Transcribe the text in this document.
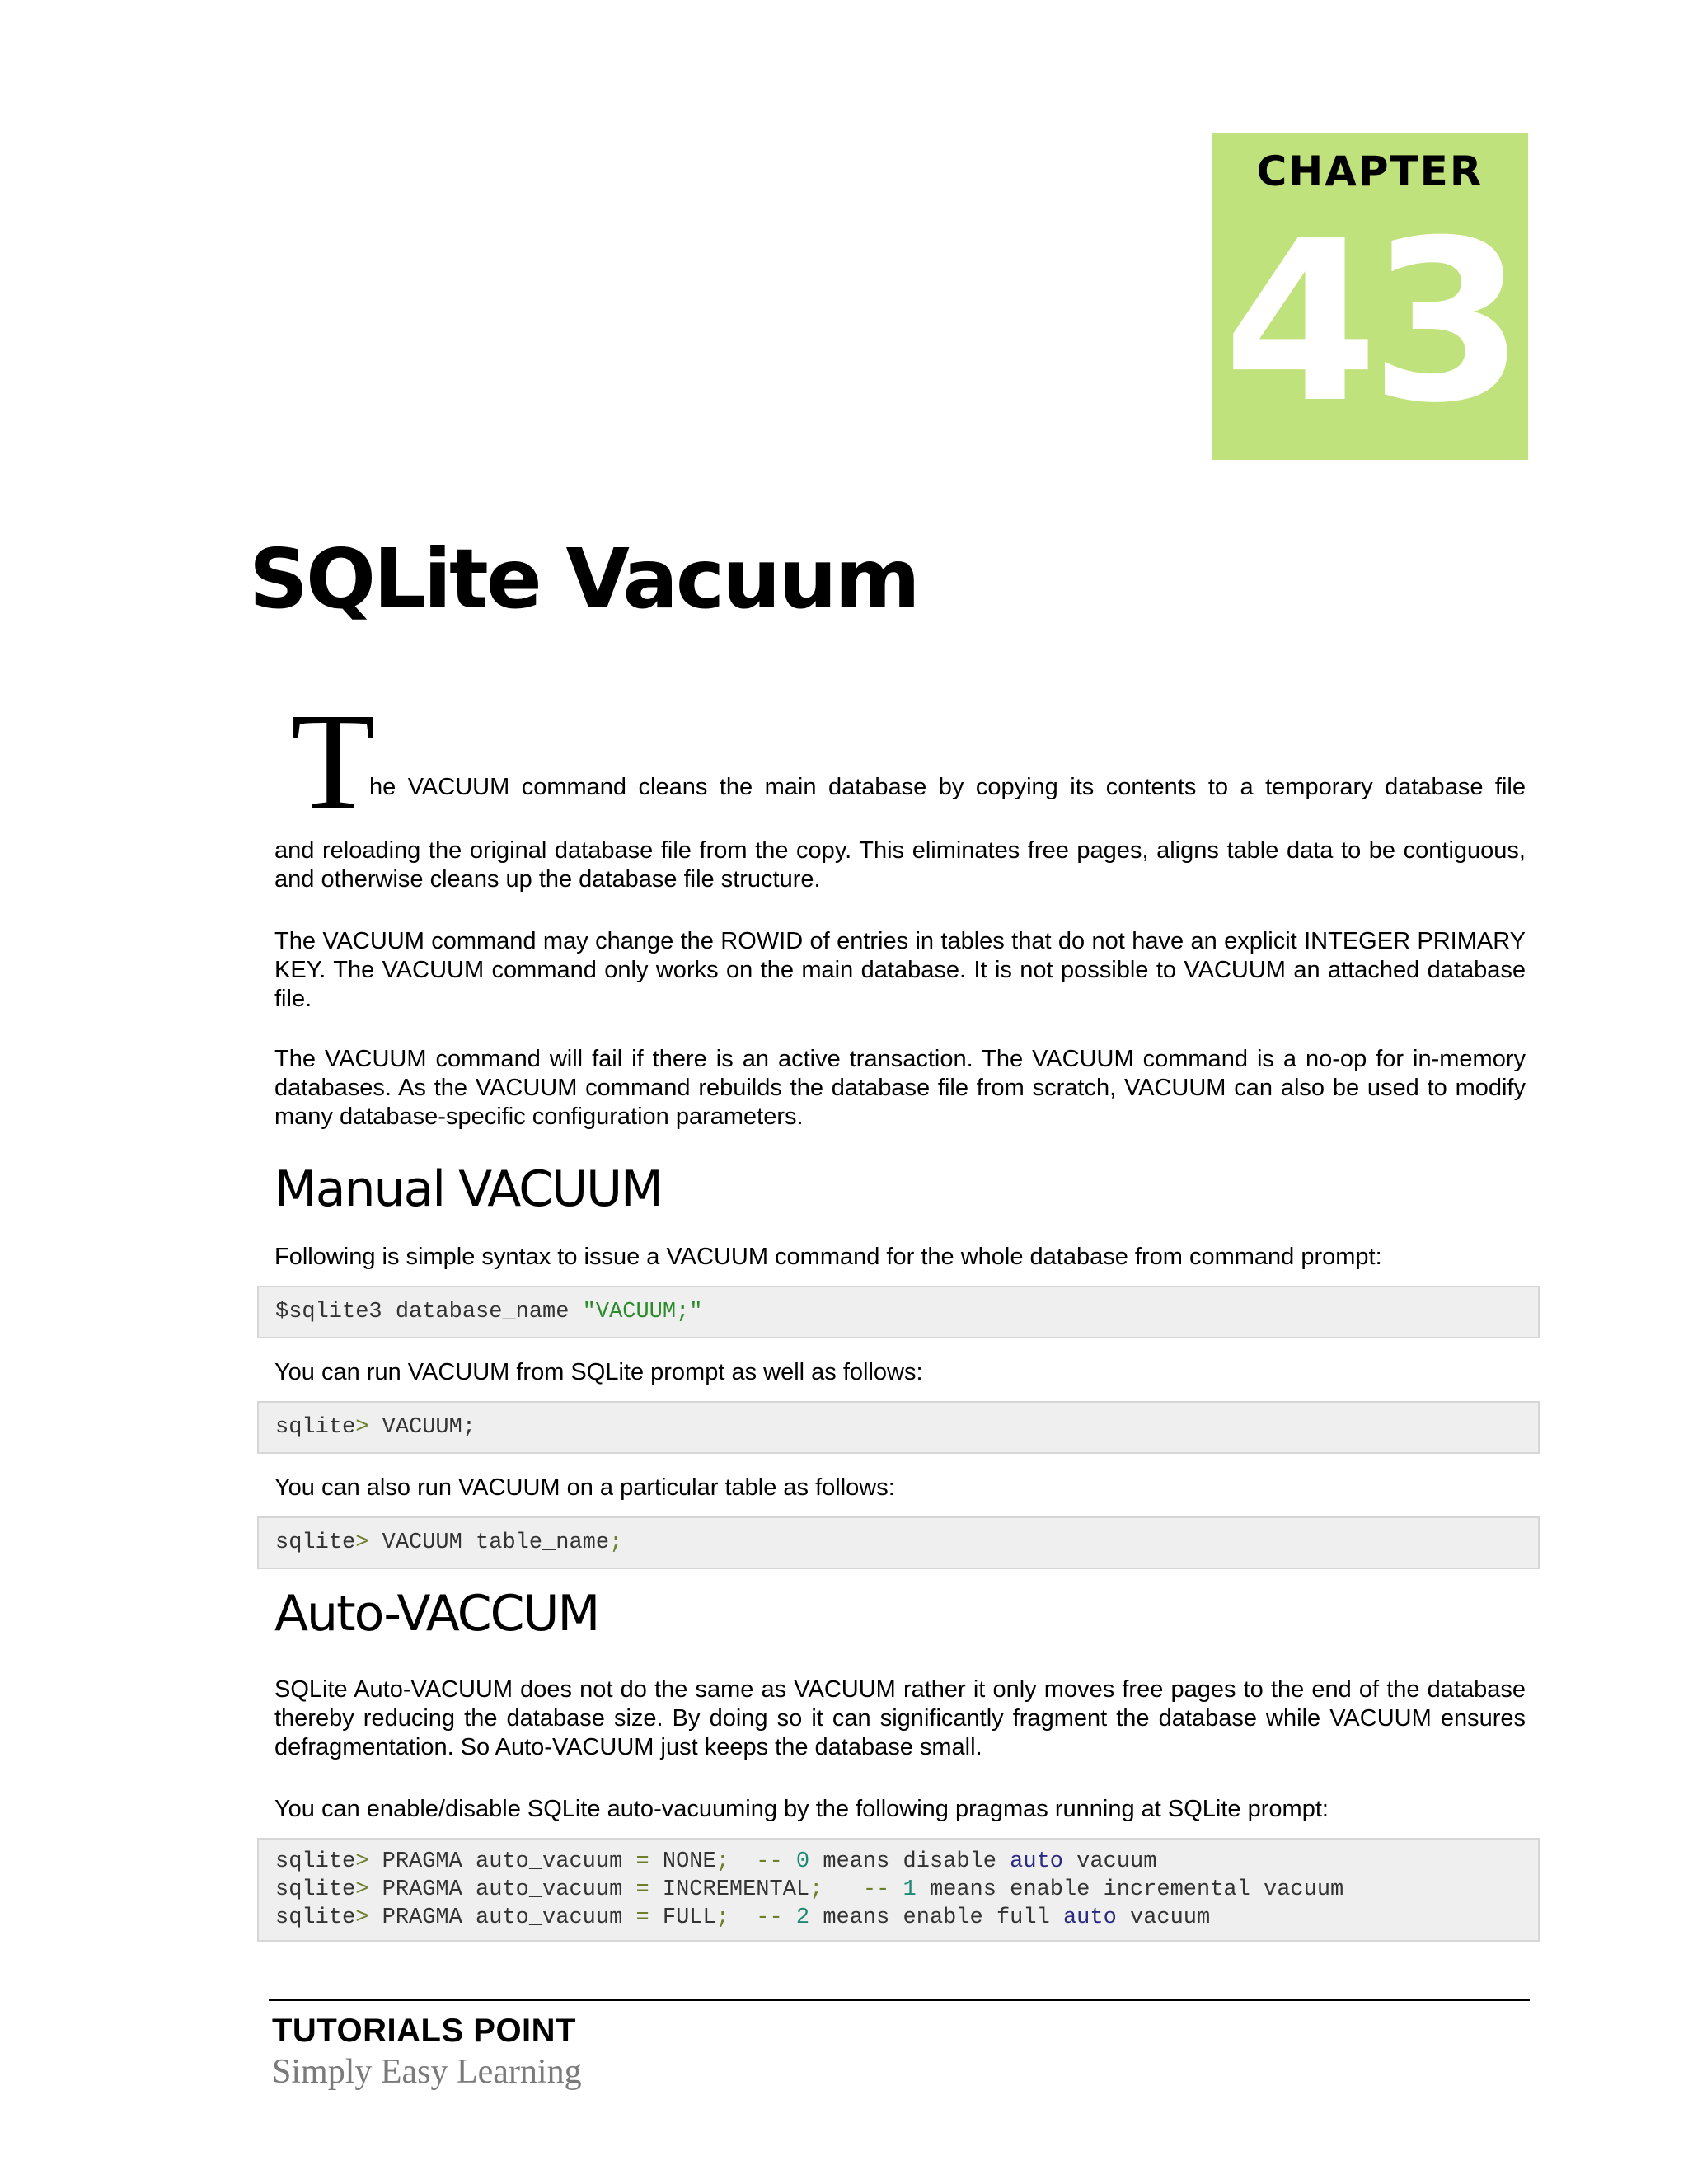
CHAPTER
43
SQLite Vacuum
T
he VACUUM command cleans the main database by copying its contents to a temporary database file

and reloading the original database file from the copy. This eliminates free pages, aligns table data to be contiguous, and otherwise cleans up the database file structure.

The VACUUM command may change the ROWID of entries in tables that do not have an explicit INTEGER PRIMARY KEY. The VACUUM command only works on the main database. It is not possible to VACUUM an attached database file.

The VACUUM command will fail if there is an active transaction. The VACUUM command is a no-op for in-memory databases. As the VACUUM command rebuilds the database file from scratch, VACUUM can also be used to modify many database-specific configuration parameters.

Manual VACUUM

Following is simple syntax to issue a VACUUM command for the whole database from command prompt:

$sqlite3 database_name "VACUUM;"

You can run VACUUM from SQLite prompt as well as follows:

sqlite> VACUUM;

You can also run VACUUM on a particular table as follows:

sqlite> VACUUM table_name;
Auto-VACCUM

SQLite Auto-VACUUM does not do the same as VACUUM rather it only moves free pages to the end of the database thereby reducing the database size. By doing so it can significantly fragment the database while VACUUM ensures defragmentation. So Auto-VACUUM just keeps the database small.

You can enable/disable SQLite auto-vacuuming by the following pragmas running at SQLite prompt:

sqlite> PRAGMA auto_vacuum = NONE;  -- 0 means disable auto vacuum
sqlite> PRAGMA auto_vacuum = INCREMENTAL;   -- 1 means enable incremental vacuum
sqlite> PRAGMA auto_vacuum = FULL;  -- 2 means enable full auto vacuum
TUTORIALS POINT
Simply Easy Learning
